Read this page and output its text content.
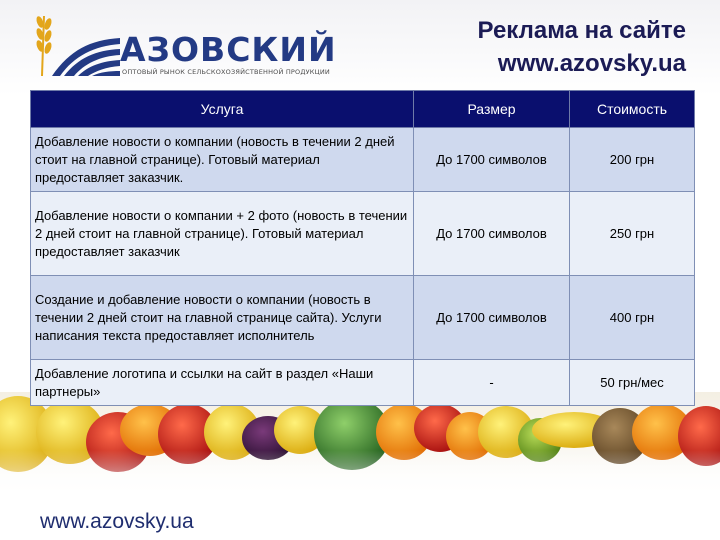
АЗОВСКИЙ
ОПТОВЫЙ РЫНОК СЕЛЬСКОХОЗЯЙСТВЕННОЙ ПРОДУКЦИИ
Реклама на сайте
www.azovsky.ua
Услуга	Размер	Стоимость
Добавление новости о компании (новость в течении 2 дней стоит на главной странице). Готовый материал предоставляет заказчик.	До 1700 символов	200 грн
Добавление новости о компании + 2 фото (новость в течении 2 дней стоит на главной странице). Готовый материал предоставляет заказчик	До 1700 символов	250 грн
Создание и добавление новости о компании (новость в течении 2 дней стоит на главной странице сайта). Услуги написания текста предоставляет исполнитель	До 1700 символов	400 грн
Добавление логотипа и ссылки на сайт в раздел «Наши партнеры»	-	50 грн/мес
www.azovsky.ua
